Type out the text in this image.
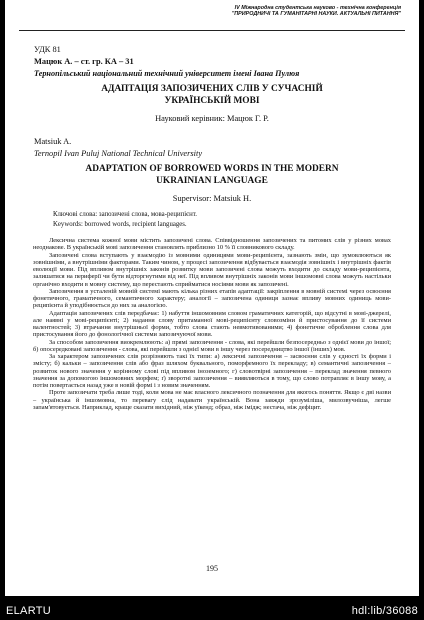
IV Міжнародна студентська науково - технічна конференція
"ПРИРОДНИЧІ ТА ГУМАНІТАРНІ НАУКИ. АКТУАЛЬНІ ПИТАННЯ"
УДК 81
Мацюк А. – ст. гр. КА – 31
Тернопільський національний технічний університет імені Івана Пулюя
АДАПТАЦІЯ ЗАПОЗИЧЕНИХ СЛІВ У СУЧАСНІЙ
УКРАЇНСЬКІЙ МОВІ
Науковий керівник: Мацюк Г. Р.
Matsiuk A.
Ternopil Ivan Puluj National Technical University
ADAPTATION OF BORROWED WORDS IN THE MODERN
UKRAINIAN LANGUAGE
Supervisor: Matsiuk H.
Ключові слова: запозичені слова, мова-реципієнт.
Keywords: borrowed words, recipient languages.

Лексична система кожної мови містить запозичені слова. Співвідношення запозичених та питомих слів у різних мовах неоднакове. В українській мові запозичення становлять приблизно 10 % її словникового складу.

Запозичені слова вступають у взаємодію із мовними одиницями мови-реципієнта, зазнають змін, що зумовлюються як зовнішніми, а внутрішніми факторами. Таким чином, у процесі запозичення відбувається взаємодія зовнішніх і внутрішніх фактів еволюції мови. Під впливом внутрішніх законів розвитку мови запозичені слова можуть входити до складу мови-реципієнта, залишатися на периферії чи бути відторгнутими від неї. Під впливом внутрішніх законів мови іншомовні слова можуть настільки органічно входити в мовну систему, що перестають сприйматися носіями мови як запозичені.

Запозичення в усталеній мовній системі мають кілька різних етапів адаптації: закріплення в мовній системі через освоєння фонетичного, граматичного, семантичного характеру; аналогії – запозичена одиниця зазнає впливу мовних одиниць мови-реципієнта й уподібнюється до них за аналогією.

Адаптація запозичених слів передбачає: 1) набуття іншомовним словом граматичних категорій, що відсутні в мові-джерелі, але наявні у мові-реципієнті; 2) надання слову притаманної мові-реципієнту словозміни й пристосування до її системи валентностей; 3) втрачання внутрішньої форми, тобто слова стають невмотивованими; 4) фонетичне оброблення слова для пристосування його до фонологічної системи запозичуючої мови.

За способом запозичення виокремлюють: а) прямі запозичення - слова, які перейшли безпосередньо з однієї мови до іншої; б) опосередковані запозичення - слова, які перейшли з однієї мови в іншу через посередництво іншої (інших) мов.

За характером запозичених слів розрізняють такі їх типи: а) лексичні запозичення – засвоєння слів у єдності їх форми і змісту; б) кальки – запозичення слів або фраз шляхом буквального, поморфемного їх перекладу; в) семантичні запозичення – розвиток нового значення у корінному слові під впливом іноземного; г) словотвірні запозичення – переклад значення певного значення за допомогою іншомовних морфем; ґ) зворотні запозичення – виявляються в тому, що слово потрапляє в іншу мову, а потім повертається назад уже в новій формі і з новим значенням.

Проте запозичати треба лише тоді, коли мова не має власного лексичного позначення для якогось поняття. Якщо є дві назви – українська й іншомовна, то перевагу слід надавати українській. Вона завжди зрозуміліша, милозвучніша, легше запам'ятовується. Наприклад, краще сказати вихідний, ніж уїкенд; образ, ніж імідж; нестача, ніж дефіцит.

195
ELARTU	hdl:lib/36088
